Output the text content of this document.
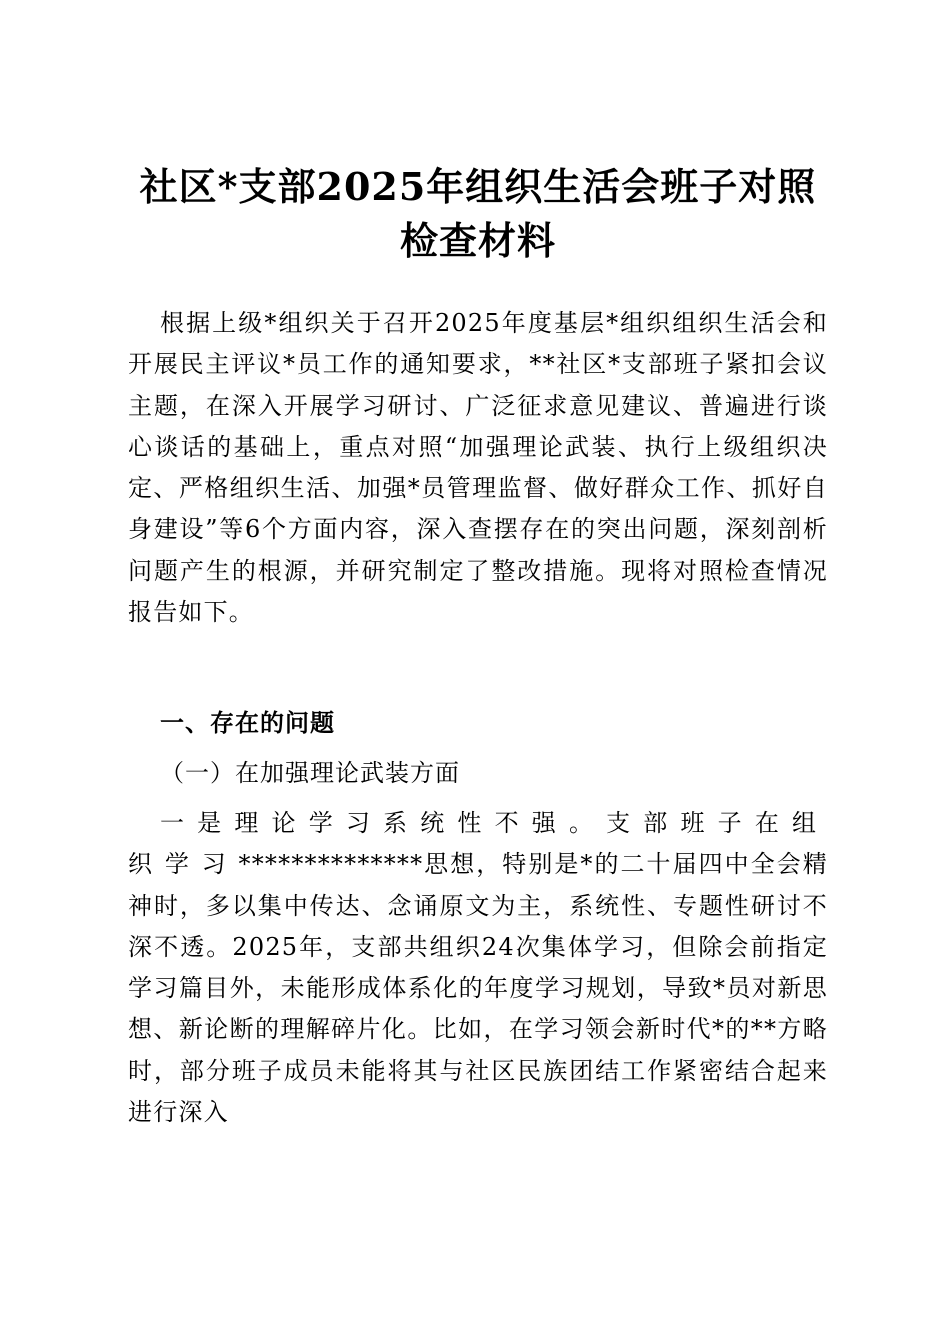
社区*支部2025年组织生活会班子对照检查材料
根据上级*组织关于召开2025年度基层*组织组织生活会和开展民主评议*员工作的通知要求，**社区*支部班子紧扣会议主题，在深入开展学习研讨、广泛征求意见建议、普遍进行谈心谈话的基础上，重点对照“加强理论武装、执行上级组织决定、严格组织生活、加强*员管理监督、做好群众工作、抓好自身建设”等6个方面内容，深入查摆存在的突出问题，深刻剖析问题产生的根源，并研究制定了整改措施。现将对照检查情况报告如下。
一、存在的问题
（一）在加强理论武装方面
一是理论学习系统性不强。支部班子在组织学习**************思想，特别是*的二十届四中全会精神时，多以集中传达、念诵原文为主，系统性、专题性研讨不深不透。2025年，支部共组织24次集体学习，但除会前指定学习篇目外，未能形成体系化的年度学习规划，导致*员对新思想、新论断的理解碎片化。比如，在学习领会新时代*的**方略时，部分班子成员未能将其与社区民族团结工作紧密结合起来进行深入
